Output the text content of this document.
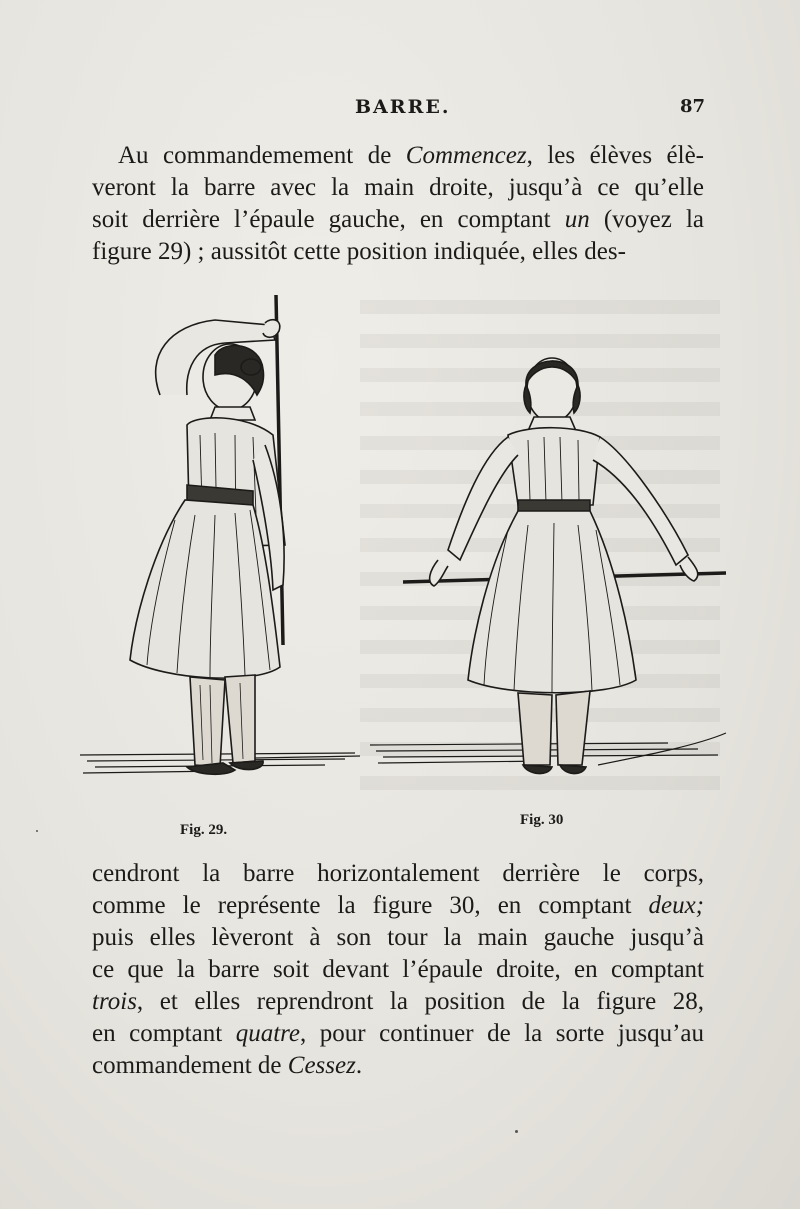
BARRE.	87

Au commandemement de Commencez, les élèves élè-
veront la barre avec la main droite, jusqu’à ce qu’elle
soit derrière l’épaule gauche, en comptant un (voyez la
figure 29) ; aussitôt cette position indiquée, elles des-

Fig. 29.
Fig. 30

cendront la barre horizontalement derrière le corps,
comme le représente la figure 30, en comptant deux;
puis elles lèveront à son tour la main gauche jusqu’à
ce que la barre soit devant l’épaule droite, en comptant
trois, et elles reprendront la position de la figure 28,
en comptant quatre, pour continuer de la sorte jusqu’au
commandement de Cessez.
